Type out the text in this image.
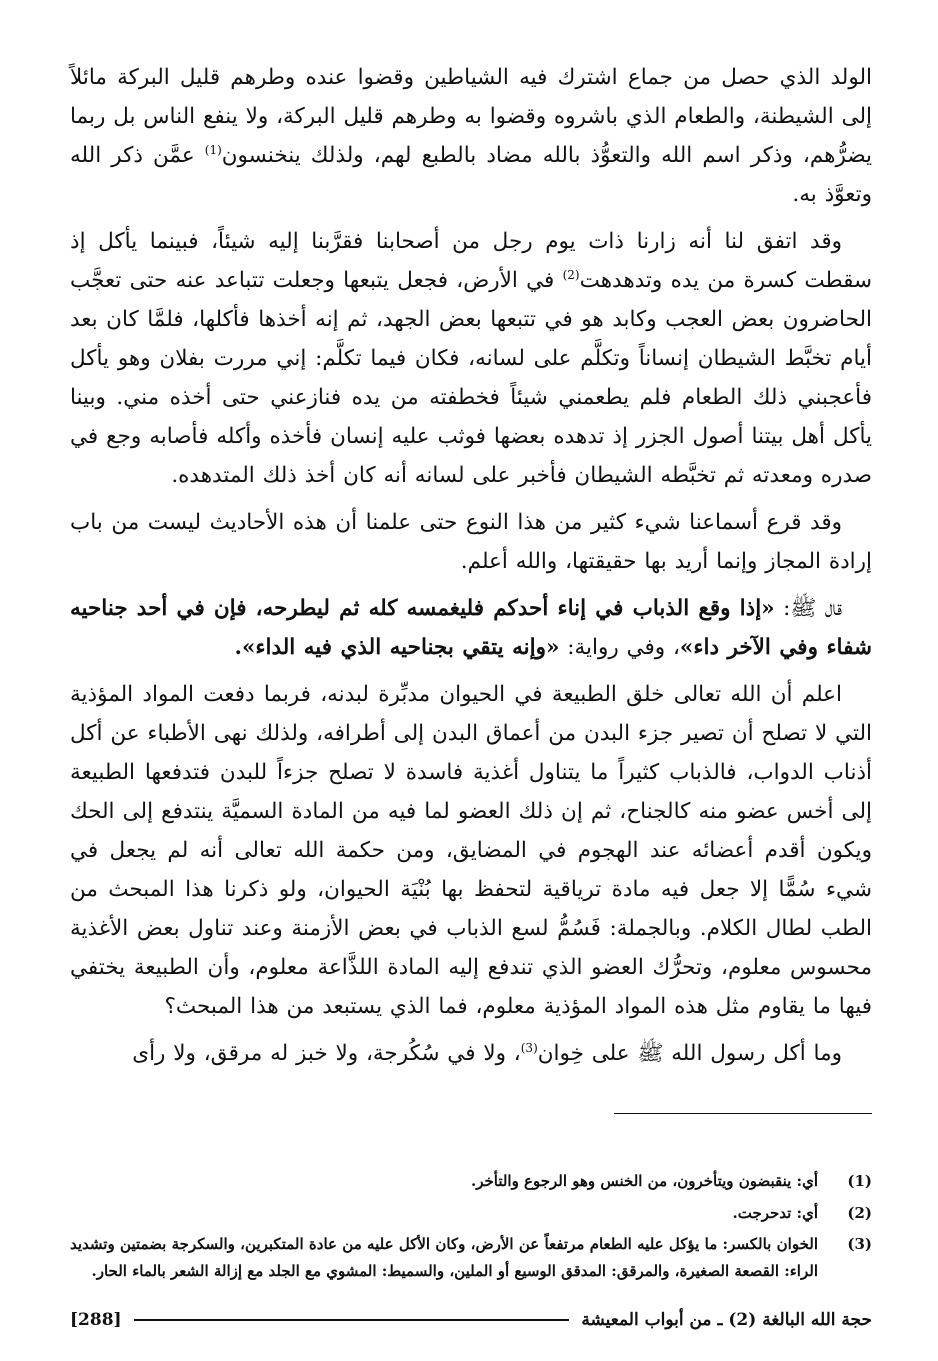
الولد الذي حصل من جماع اشترك فيه الشياطين وقضوا عنده وطرهم قليل البركة مائلاً إلى الشيطنة، والطعام الذي باشروه وقضوا به وطرهم قليل البركة، ولا ينفع الناس بل ربما يضرُّهم، وذكر اسم الله والتعوُّذ بالله مضاد بالطبع لهم، ولذلك ينخنسون$^{(1)}$ عمَّن ذكر الله وتعوَّذ به.

وقد اتفق لنا أنه زارنا ذات يوم رجل من أصحابنا فقرَّبنا إليه شيئاً، فبينما يأكل إذ سقطت كسرة من يده وتدهدهت$^{(2)}$ في الأرض، فجعل يتبعها وجعلت تتباعد عنه حتى تعجَّب الحاضرون بعض العجب وكابد هو في تتبعها بعض الجهد، ثم إنه أخذها فأكلها، فلمَّا كان بعد أيام تخبَّط الشيطان إنساناً وتكلَّم على لسانه، فكان فيما تكلَّم: إني مررت بفلان وهو يأكل فأعجبني ذلك الطعام فلم يطعمني شيئاً فخطفته من يده فنازعني حتى أخذه مني. وبينا يأكل أهل بيتنا أصول الجزر إذ تدهده بعضها فوثب عليه إنسان فأخذه وأكله فأصابه وجع في صدره ومعدته ثم تخبَّطه الشيطان فأخبر على لسانه أنه كان أخذ ذلك المتدهده.

وقد قرع أسماعنا شيء كثير من هذا النوع حتى علمنا أن هذه الأحاديث ليست من باب إرادة المجاز وإنما أريد بها حقيقتها، والله أعلم.

قال ﷺ: «إذا وقع الذباب في إناء أحدكم فليغمسه كله ثم ليطرحه، فإن في أحد جناحيه شفاء وفي الآخر داء»، وفي رواية: «وإنه يتقي بجناحيه الذي فيه الداء».

اعلم أن الله تعالى خلق الطبيعة في الحيوان مدبِّرة لبدنه، فربما دفعت المواد المؤذية التي لا تصلح أن تصير جزء البدن من أعماق البدن إلى أطرافه، ولذلك نهى الأطباء عن أكل أذناب الدواب، فالذباب كثيراً ما يتناول أغذية فاسدة لا تصلح جزءاً للبدن فتدفعها الطبيعة إلى أخس عضو منه كالجناح، ثم إن ذلك العضو لما فيه من المادة السميَّة ينتدفع إلى الحك ويكون أقدم أعضائه عند الهجوم في المضايق، ومن حكمة الله تعالى أنه لم يجعل في شيء سُمًّا إلا جعل فيه مادة ترياقية لتحفظ بها بُنْيَة الحيوان، ولو ذكرنا هذا المبحث من الطب لطال الكلام. وبالجملة: فَسُمُّ لسع الذباب في بعض الأزمنة وعند تناول بعض الأغذية محسوس معلوم، وتحرُّك العضو الذي تندفع إليه المادة اللذَّاعة معلوم، وأن الطبيعة يختفي فيها ما يقاوم مثل هذه المواد المؤذية معلوم، فما الذي يستبعد من هذا المبحث؟

وما أكل رسول الله ﷺ على خِوان$^{(3)}$، ولا في سُكُرجة، ولا خبز له مرقق، ولا رأى

(1)
أي: ينقبضون ويتأخرون، من الخنس وهو الرجوع والتأخر.
(2)
أي: تدحرجت.
(3)
الخوان بالكسر: ما يؤكل عليه الطعام مرتفعاً عن الأرض، وكان الأكل عليه من عادة المتكبرين، والسكرجة بضمتين وتشديد الراء: القصعة الصغيرة، والمرقق: المدقق الوسيع أو الملين، والسميط: المشوي مع الجلد مع إزالة الشعر بالماء الحار.
حجة الله البالغة (2) ـ من أبواب المعيشة
[288]
